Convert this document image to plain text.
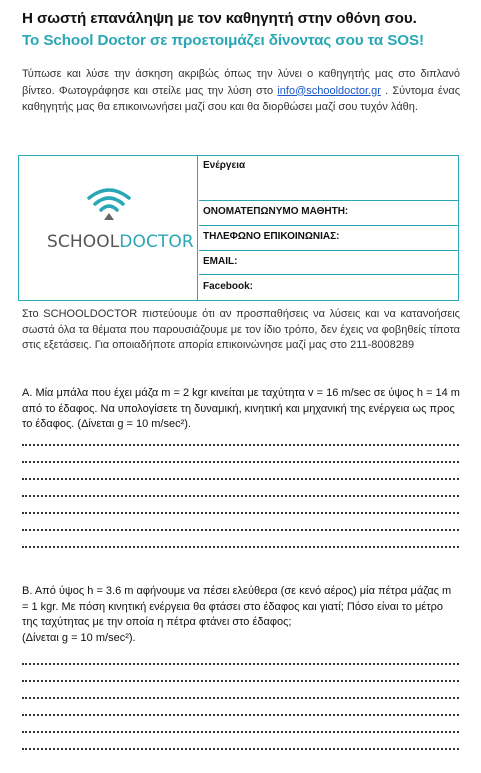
Η σωστή επανάληψη με τον καθηγητή στην οθόνη σου.
Το School Doctor σε προετοιμάζει δίνοντας σου τα SOS!

Τύπωσε και λύσε την άσκηση ακριβώς όπως την λύνει ο καθηγητής μας στο διπλανό βίντεο. Φωτογράφησε και στείλε μας την λύση στο info@schooldoctor.gr . Σύντομα ένας καθηγητής μας θα επικοινωνήσει μαζί σου και θα διορθώσει μαζί σου τυχόν λάθη.

SCHOOLDOCTOR
Ενέργεια
ΟΝΟΜΑΤΕΠΩΝΥΜΟ ΜΑΘΗΤΗ:
ΤΗΛΕΦΩΝΟ ΕΠΙΚΟΙΝΩΝΙΑΣ:
EMAIL:
Facebook:

Στο SCHOOLDOCTOR πιστεύουμε ότι αν προσπαθήσεις να λύσεις και να κατανοήσεις σωστά όλα τα θέματα που παρουσιάζουμε με τον ίδιο τρόπο, δεν έχεις να φοβηθείς τίποτα στις εξετάσεις. Για οποιαδήποτε απορία επικοινώνησε μαζί μας στο 211-8008289

Α. Μία μπάλα που έχει μάζα m = 2 kgr κινείται με ταχύτητα v = 16 m/sec σε ύψος h = 14 m από το έδαφος. Να υπολογίσετε τη δυναμική, κινητική και μηχανική της ενέργεια ως προς το έδαφος. (Δίνεται g = 10 m/sec²).

Β. Από ύψος h = 3.6 m αφήνουμε να πέσει ελεύθερα (σε κενό αέρος) μία πέτρα μάζας m = 1 kgr. Με πόση κινητική ενέργεια θα φτάσει στο έδαφος και γιατί; Πόσο είναι το μέτρο της ταχύτητας με την οποία η πέτρα φτάνει στο έδαφος;
(Δίνεται g = 10 m/sec²).
